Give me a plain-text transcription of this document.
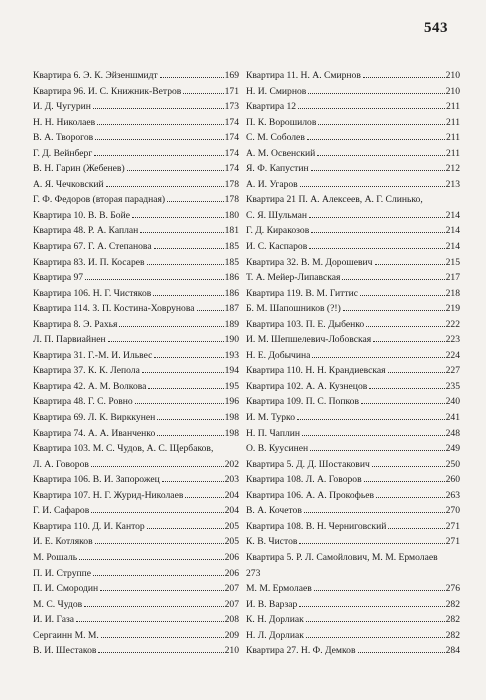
543
Квартира 6. Э. К. Эйзеншмидт	169
Квартира 96. И. С. Книжник-Ветров	171
И. Д. Чугурин	173
Н. Н. Николаев	174
В. А. Творогов	174
Г. Д. Вейнберг	174
В. Н. Гарин (Жебенев)	174
А. Я. Чечковский	178
Г. Ф. Федоров (вторая парадная)	178
Квартира 10. В. В. Бойе	180
Квартира 48. Р. А. Каплан	181
Квартира 67. Г. А. Степанова	185
Квартира 83. И. П. Косарев	185
Квартира 97	186
Квартира 106. Н. Г. Чистяков	186
Квартира 114. З. П. Костина-Ховрунова	187
Квартира 8. Э. Рахья	189
Л. П. Парвиайнен	190
Квартира 31. Г.-М. И. Ильвес	193
Квартира 37. К. К. Лепола	194
Квартира 42. А. М. Волкова	195
Квартира 48. Г. С. Ровно	196
Квартира 69. Л. К. Вирккунен	198
Квартира 74. А. А. Иванченко	198
Квартира 103. М. С. Чудов, А. С. Щербаков,
Л. А. Говоров	202
Квартира 106. В. И. Запорожец	203
Квартира 107. Н. Г. Журид-Николаев	204
Г. И. Сафаров	204
Квартира 110. Д. И. Кантор	205
И. Е. Котляков	205
М. Рошаль	206
П. И. Струппе	206
П. И. Смородин	207
М. С. Чудов	207
И. И. Газа	208
Сергаинн М. М.	209
В. И. Шестаков	210
Квартира 11. Н. А. Смирнов	210
Н. И. Смирнов	210
Квартира 12	211
П. К. Ворошилов	211
С. М. Соболев	211
А. М. Освенский	211
Я. Ф. Капустин	212
А. И. Угаров	213
Квартира 21 П. А. Алексеев, А. Г. Слинько,
С. Я. Шульман	214
Г. Д. Киракозов	214
И. С. Каспаров	214
Квартира 32. В. М. Дорошевич	215
Т. А. Мейер-Липавская	217
Квартира 119. В. М. Гиттис	218
Б. М. Шапошников (?!)	219
Квартира 103. П. Е. Дыбенко	222
И. М. Шепшелевич-Лобовская	223
Н. Е. Добычина	224
Квартира 110. Н. Н. Крандиевская	227
Квартира 102. А. А. Кузнецов	235
Квартира 109. П. С. Попков	240
И. М. Турко	241
Н. П. Чаплин	248
О. В. Куусинен	249
Квартира 5. Д. Д. Шостакович	250
Квартира 108. Л. А. Говоров	260
Квартира 106. А. А. Прокофьев	263
В. А. Кочетов	270
Квартира 108. В. Н. Черниговский	271
К. В. Чистов	271
Квартира 5. Р. Л. Самойлович, М. М. Ермолаев
273
М. М. Ермолаев	276
И. В. Варзар	282
К. Н. Дорлиак	282
Н. Л. Дорлиак	282
Квартира 27. Н. Ф. Демков	284
